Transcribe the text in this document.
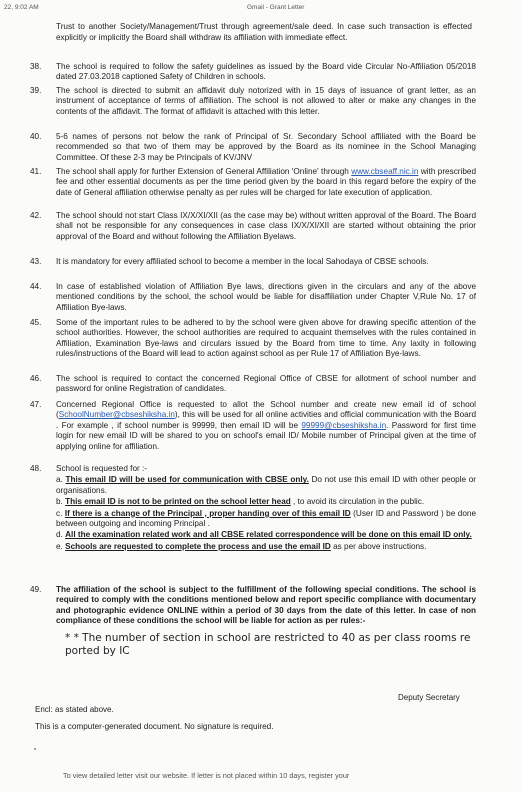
22, 9:02 AM	Gmail - Grant Letter
Trust to another Society/Management/Trust through agreement/sale deed. In case such transaction is effected explicitly or implicitly the Board shall withdraw its affiliation with immediate effect.
38.	The school is required to follow the safety guidelines as issued by the Board vide Circular No-Affiliation 05/2018 dated 27.03.2018 captioned Safety of Children in schools.
39.	The school is directed to submit an affidavit duly notorized with in 15 days of issuance of grant letter, as an instrument of acceptance of terms of affiliation. The school is not allowed to alter or make any changes in the contents of the affidavit. The format of affidavit is attached with this letter.
40.	5-6 names of persons not below the rank of Principal of Sr. Secondary School affiliated with the Board be recommended so that two of them may be approved by the Board as its nominee in the School Managing Committee. Of these 2-3 may be Principals of KV/JNV
41.	The school shall apply for further Extension of General Affiliation 'Online' through www.cbseaff.nic.in with prescribed fee and other essential documents as per the time period given by the board in this regard before the expiry of the date of General affiliation otherwise penalty as per rules will be charged for late execution of application.
42.	The school should not start Class IX/X/XI/XII (as the case may be) without written approval of the Board. The Board shall not be responsible for any consequences in case class IX/X/XI/XII are started without obtaining the prior approval of the Board and without following the Affiliation Byelaws.
43.	It is mandatory for every affiliated school to become a member in the local Sahodaya of CBSE schools.
44.	In case of established violation of Affiliation Bye laws, directions given in the circulars and any of the above mentioned conditions by the school, the school would be liable for disaffiliation under Chapter V,Rule No. 17 of Affiliation Bye-laws.
45.	Some of the important rules to be adhered to by the school were given above for drawing specific attention of the school authorities. However, the school authorities are required to acquaint themselves with the rules contained in Affiliation, Examination Bye-laws and circulars issued by the Board from time to time. Any laxity in following rules/instructions of the Board will lead to action against school as per Rule 17 of Affiliation Bye-laws.
46.	The school is required to contact the concerned Regional Office of CBSE for allotment of school number and password for online Registration of candidates.
47.	Concerned Regional Office is requested to allot the School number and create new email id of school (SchoolNumber@cbseshiksha.in), this will be used for all online activities and official communication with the Board . For example , if school number is 99999, then email ID will be 99999@cbseshiksha.in. Password for first time login for new email ID will be shared to you on school's email ID/ Mobile number of Principal given at the time of applying online for affiliation.
48.	School is requested for :-
a. This email ID will be used for communication with CBSE only. Do not use this email ID with other people or organisations.
b. This email ID is not to be printed on the school letter head , to avoid its circulation in the public.
c. If there is a change of the Principal , proper handing over of this email ID (User ID and Password ) be done between outgoing and incoming Principal .
d. All the examination related work and all CBSE related correspondence will be done on this email ID only.
e. Schools are requested to complete the process and use the email ID as per above instructions.
49.	The affiliation of the school is subject to the fulfillment of the following special conditions. The school is required to comply with the conditions mentioned below and report specific compliance with documentary and photographic evidence ONLINE within a period of 30 days from the date of this letter. In case of non compliance of these conditions the school will be liable for action as per rules:-
* * The number of section in school are restricted to 40 as per class rooms re ported by IC
Deputy Secretary
Encl: as stated above.
This is a computer-generated document. No signature is required.
To view detailed letter visit our website. If letter is not placed within 10 days, register your
